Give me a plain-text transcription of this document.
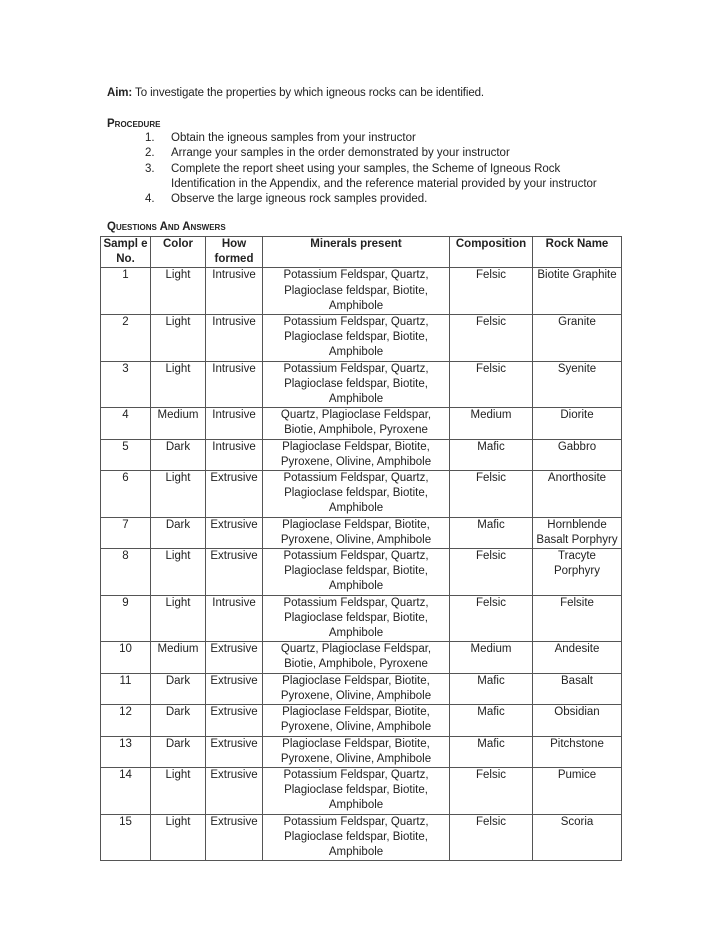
Aim: To investigate the properties by which igneous rocks can be identified.
Procedure
1. Obtain the igneous samples from your instructor
2. Arrange your samples in the order demonstrated by your instructor
3. Complete the report sheet using your samples, the Scheme of Igneous Rock Identification in the Appendix, and the reference material provided by your instructor
4. Observe the large igneous rock samples provided.
Questions And Answers
Sampl e No.	Color	How formed	Minerals present	Composition	Rock Name
1	Light	Intrusive	Potassium Feldspar, Quartz, Plagioclase feldspar, Biotite, Amphibole	Felsic	Biotite Graphite
2	Light	Intrusive	Potassium Feldspar, Quartz, Plagioclase feldspar, Biotite, Amphibole	Felsic	Granite
3	Light	Intrusive	Potassium Feldspar, Quartz, Plagioclase feldspar, Biotite, Amphibole	Felsic	Syenite
4	Medium	Intrusive	Quartz, Plagioclase Feldspar, Biotie, Amphibole, Pyroxene	Medium	Diorite
5	Dark	Intrusive	Plagioclase Feldspar, Biotite, Pyroxene, Olivine, Amphibole	Mafic	Gabbro
6	Light	Extrusive	Potassium Feldspar, Quartz, Plagioclase feldspar, Biotite, Amphibole	Felsic	Anorthosite
7	Dark	Extrusive	Plagioclase Feldspar, Biotite, Pyroxene, Olivine, Amphibole	Mafic	Hornblende Basalt Porphyry
8	Light	Extrusive	Potassium Feldspar, Quartz, Plagioclase feldspar, Biotite, Amphibole	Felsic	Tracyte Porphyry
9	Light	Intrusive	Potassium Feldspar, Quartz, Plagioclase feldspar, Biotite, Amphibole	Felsic	Felsite
10	Medium	Extrusive	Quartz, Plagioclase Feldspar, Biotie, Amphibole, Pyroxene	Medium	Andesite
11	Dark	Extrusive	Plagioclase Feldspar, Biotite, Pyroxene, Olivine, Amphibole	Mafic	Basalt
12	Dark	Extrusive	Plagioclase Feldspar, Biotite, Pyroxene, Olivine, Amphibole	Mafic	Obsidian
13	Dark	Extrusive	Plagioclase Feldspar, Biotite, Pyroxene, Olivine, Amphibole	Mafic	Pitchstone
14	Light	Extrusive	Potassium Feldspar, Quartz, Plagioclase feldspar, Biotite, Amphibole	Felsic	Pumice
15	Light	Extrusive	Potassium Feldspar, Quartz, Plagioclase feldspar, Biotite, Amphibole	Felsic	Scoria
